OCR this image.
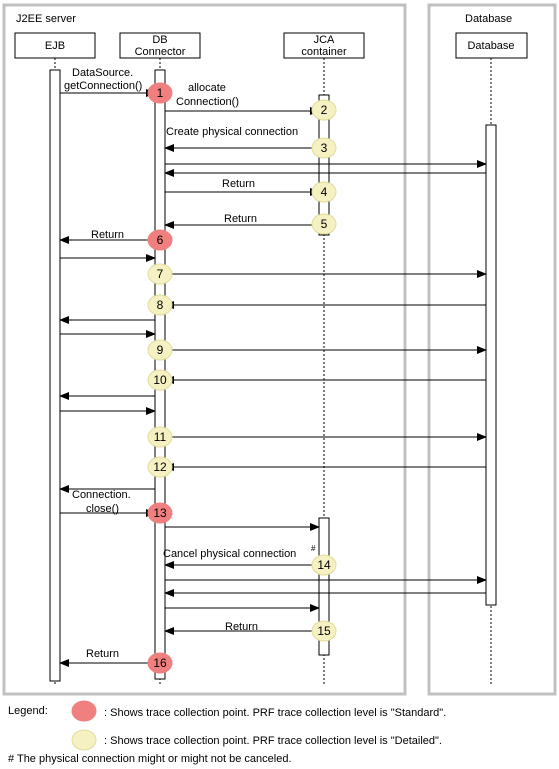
J2EE server	Database
EJB	DB
Connector
JCA
container	Database
DataSource.
getConnection()	allocate
Connection()
Create physical connection
Return
Return
Return
Connection.
close()
Cancel physical connection #
Return
Return
1
2
3
4
5
6
7
8
9
10
11
12
13
14
15
16
Legend:	: Shows trace collection point. PRF trace collection level is "Standard".
: Shows trace collection point. PRF trace collection level is "Detailed".
# The physical connection might or might not be canceled.
